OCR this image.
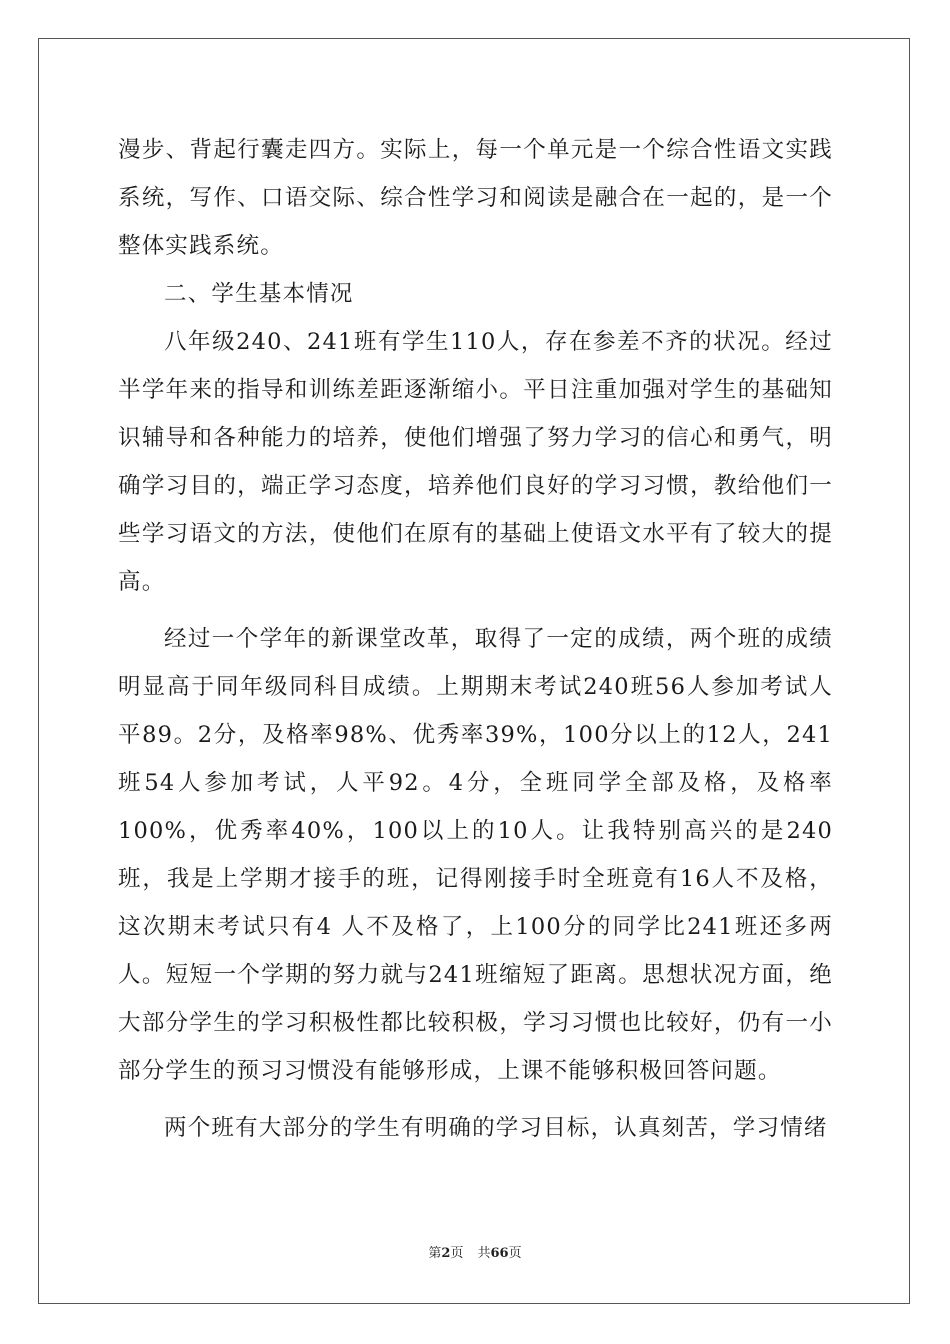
漫步、背起行囊走四方。实际上，每一个单元是一个综合性语文实践系统，写作、口语交际、综合性学习和阅读是融合在一起的，是一个整体实践系统。

二、学生基本情况

八年级240、241班有学生110人，存在参差不齐的状况。经过半学年来的指导和训练差距逐渐缩小。平日注重加强对学生的基础知识辅导和各种能力的培养，使他们增强了努力学习的信心和勇气，明确学习目的，端正学习态度，培养他们良好的学习习惯，教给他们一些学习语文的方法，使他们在原有的基础上使语文水平有了较大的提高。

经过一个学年的新课堂改革，取得了一定的成绩，两个班的成绩明显高于同年级同科目成绩。上期期末考试240班56人参加考试人平89。2分，及格率98%、优秀率39%，100分以上的12人，241班54人参加考试，人平92。4分，全班同学全部及格，及格率100%，优秀率40%，100以上的10人。让我特别高兴的是240班，我是上学期才接手的班，记得刚接手时全班竟有16人不及格，这次期末考试只有4 人不及格了，上100分的同学比241班还多两人。短短一个学期的努力就与241班缩短了距离。思想状况方面，绝大部分学生的学习积极性都比较积极，学习习惯也比较好，仍有一小部分学生的预习习惯没有能够形成，上课不能够积极回答问题。

两个班有大部分的学生有明确的学习目标，认真刻苦，学习情绪

第2页 共66页
